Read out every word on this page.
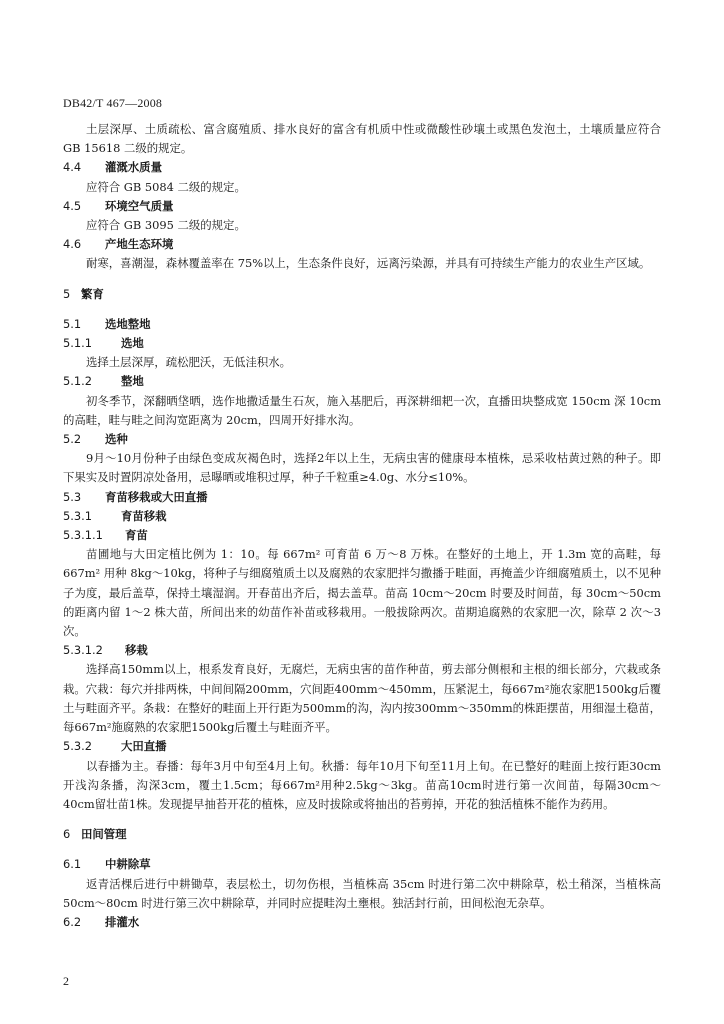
DB42/T 467—2008

土层深厚、土质疏松、富含腐殖质、排水良好的富含有机质中性或微酸性砂壤土或黑色发泡土，土壤质量应符合 GB 15618 二级的规定。

4.4 灌溉水质量

应符合 GB 5084 二级的规定。

4.5 环境空气质量

应符合 GB 3095 二级的规定。

4.6 产地生态环境

耐寒，喜潮湿，森林覆盖率在 75%以上，生态条件良好，远离污染源，并具有可持续生产能力的农业生产区域。

5 繁育

5.1 选地整地

5.1.1	选地

选择土层深厚，疏松肥沃，无低洼积水。

5.1.2	整地

初冬季节，深翻晒垡晒，选作地撒适量生石灰，施入基肥后，再深耕细耙一次，直播田块整成宽 150cm 深 10cm 的高畦，畦与畦之间沟宽距离为 20cm，四周开好排水沟。

5.2 选种

9月～10月份种子由绿色变成灰褐色时，选择2年以上生，无病虫害的健康母本植株，忌采收枯黄过熟的种子。即下果实及时置阴凉处备用，忌曝晒或堆积过厚，种子千粒重≥4.0g、水分≤10%。

5.3 育苗移栽或大田直播

5.3.1	育苗移栽

5.3.1.1 育苗

苗圃地与大田定植比例为 1：10。每 667m² 可育苗 6 万～8 万株。在整好的土地上，开 1.3m 宽的高畦，每 667m² 用种 8kg～10kg，将种子与细腐殖质土以及腐熟的农家肥拌匀撒播于畦面，再掩盖少许细腐殖质土，以不见种子为度，最后盖草，保持土壤湿润。开春苗出齐后，揭去盖草。苗高 10cm～20cm 时要及时间苗，每 30cm～50cm 的距离内留 1～2 株大苗，所间出来的幼苗作补苗或移栽用。一般拔除两次。苗期追腐熟的农家肥一次，除草 2 次～3 次。

5.3.1.2 移栽

选择高150mm以上，根系发育良好，无腐烂，无病虫害的苗作种苗，剪去部分侧根和主根的细长部分，穴栽或条栽。穴栽：每穴并排两株，中间间隔200mm，穴间距400mm～450mm，压紧泥土，每667m²施农家肥1500kg后覆土与畦面齐平。条栽：在整好的畦面上开行距为500mm的沟，沟内按300mm～350mm的株距摆苗，用细湿土稳苗，每667m²施腐熟的农家肥1500kg后覆土与畦面齐平。

5.3.2	大田直播

以春播为主。春播：每年3月中旬至4月上旬。秋播：每年10月下旬至11月上旬。在已整好的畦面上按行距30cm开浅沟条播，沟深3cm，覆土1.5cm；每667m²用种2.5kg～3kg。苗高10cm时进行第一次间苗，每隔30cm～40cm留壮苗1株。发现提早抽苔开花的植株，应及时拔除或将抽出的苔剪掉，开花的独活植株不能作为药用。

6 田间管理

6.1 中耕除草

返青活棵后进行中耕锄草，表层松土，切勿伤根，当植株高 35cm 时进行第二次中耕除草，松土稍深，当植株高 50cm～80cm 时进行第三次中耕除草，并同时应提畦沟土壅根。独活封行前，田间松泡无杂草。

6.2 排灌水

2
